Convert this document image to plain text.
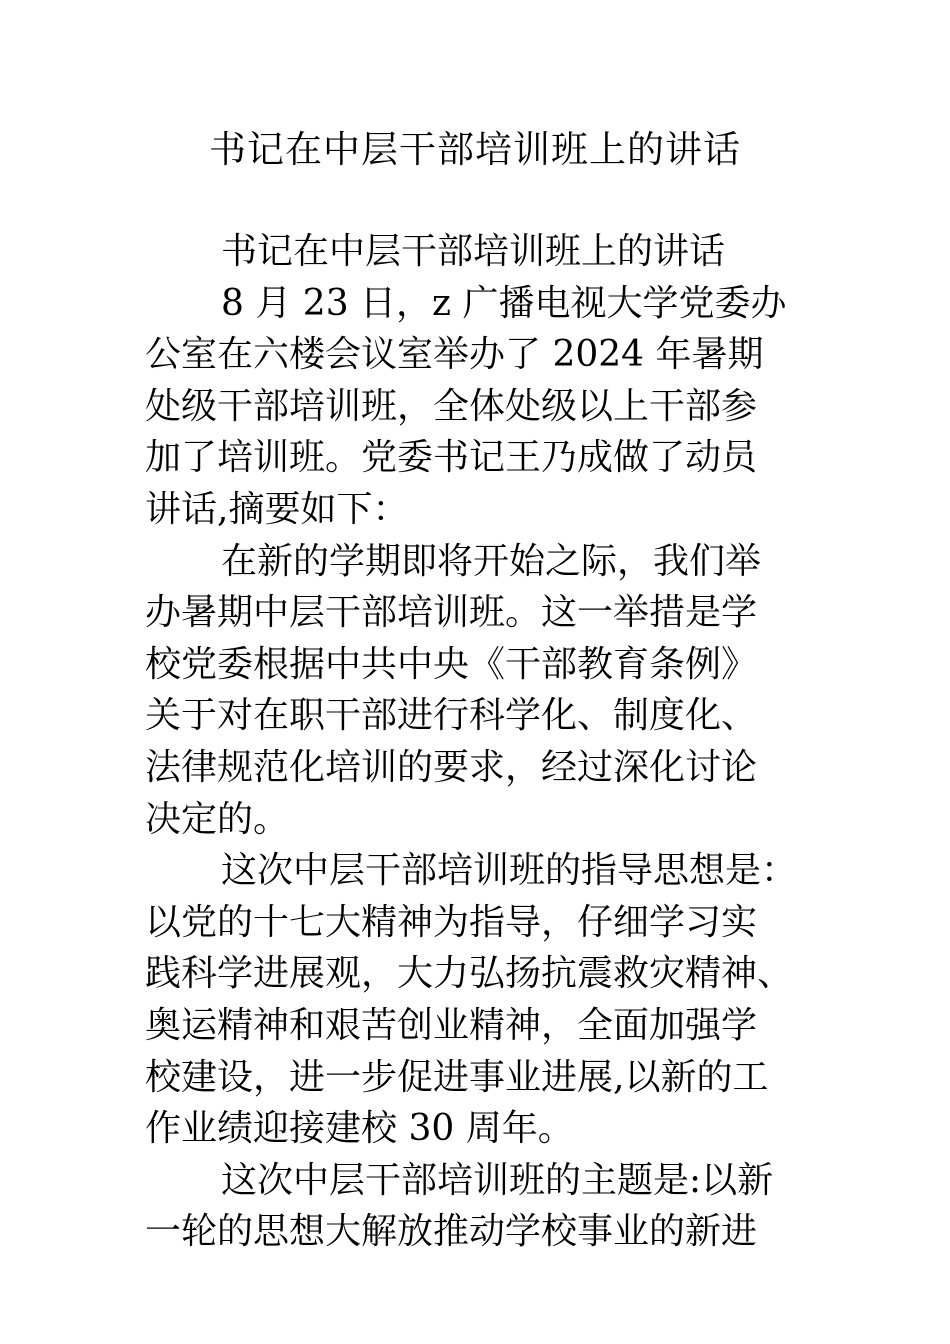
书记在中层干部培训班上的讲话

书记在中层干部培训班上的讲话

8 月 23 日，z 广播电视大学党委办
公室在六楼会议室举办了 2024 年暑期
处级干部培训班，全体处级以上干部参
加了培训班。党委书记王乃成做了动员
讲话,摘要如下：

在新的学期即将开始之际，我们举
办暑期中层干部培训班。这一举措是学
校党委根据中共中央《干部教育条例》
关于对在职干部进行科学化、制度化、
法律规范化培训的要求，经过深化讨论
决定的。

这次中层干部培训班的指导思想是：
以党的十七大精神为指导，仔细学习实
践科学进展观，大力弘扬抗震救灾精神、
奥运精神和艰苦创业精神，全面加强学
校建设，进一步促进事业进展,以新的工
作业绩迎接建校 30 周年。

这次中层干部培训班的主题是:以新
一轮的思想大解放推动学校事业的新进
